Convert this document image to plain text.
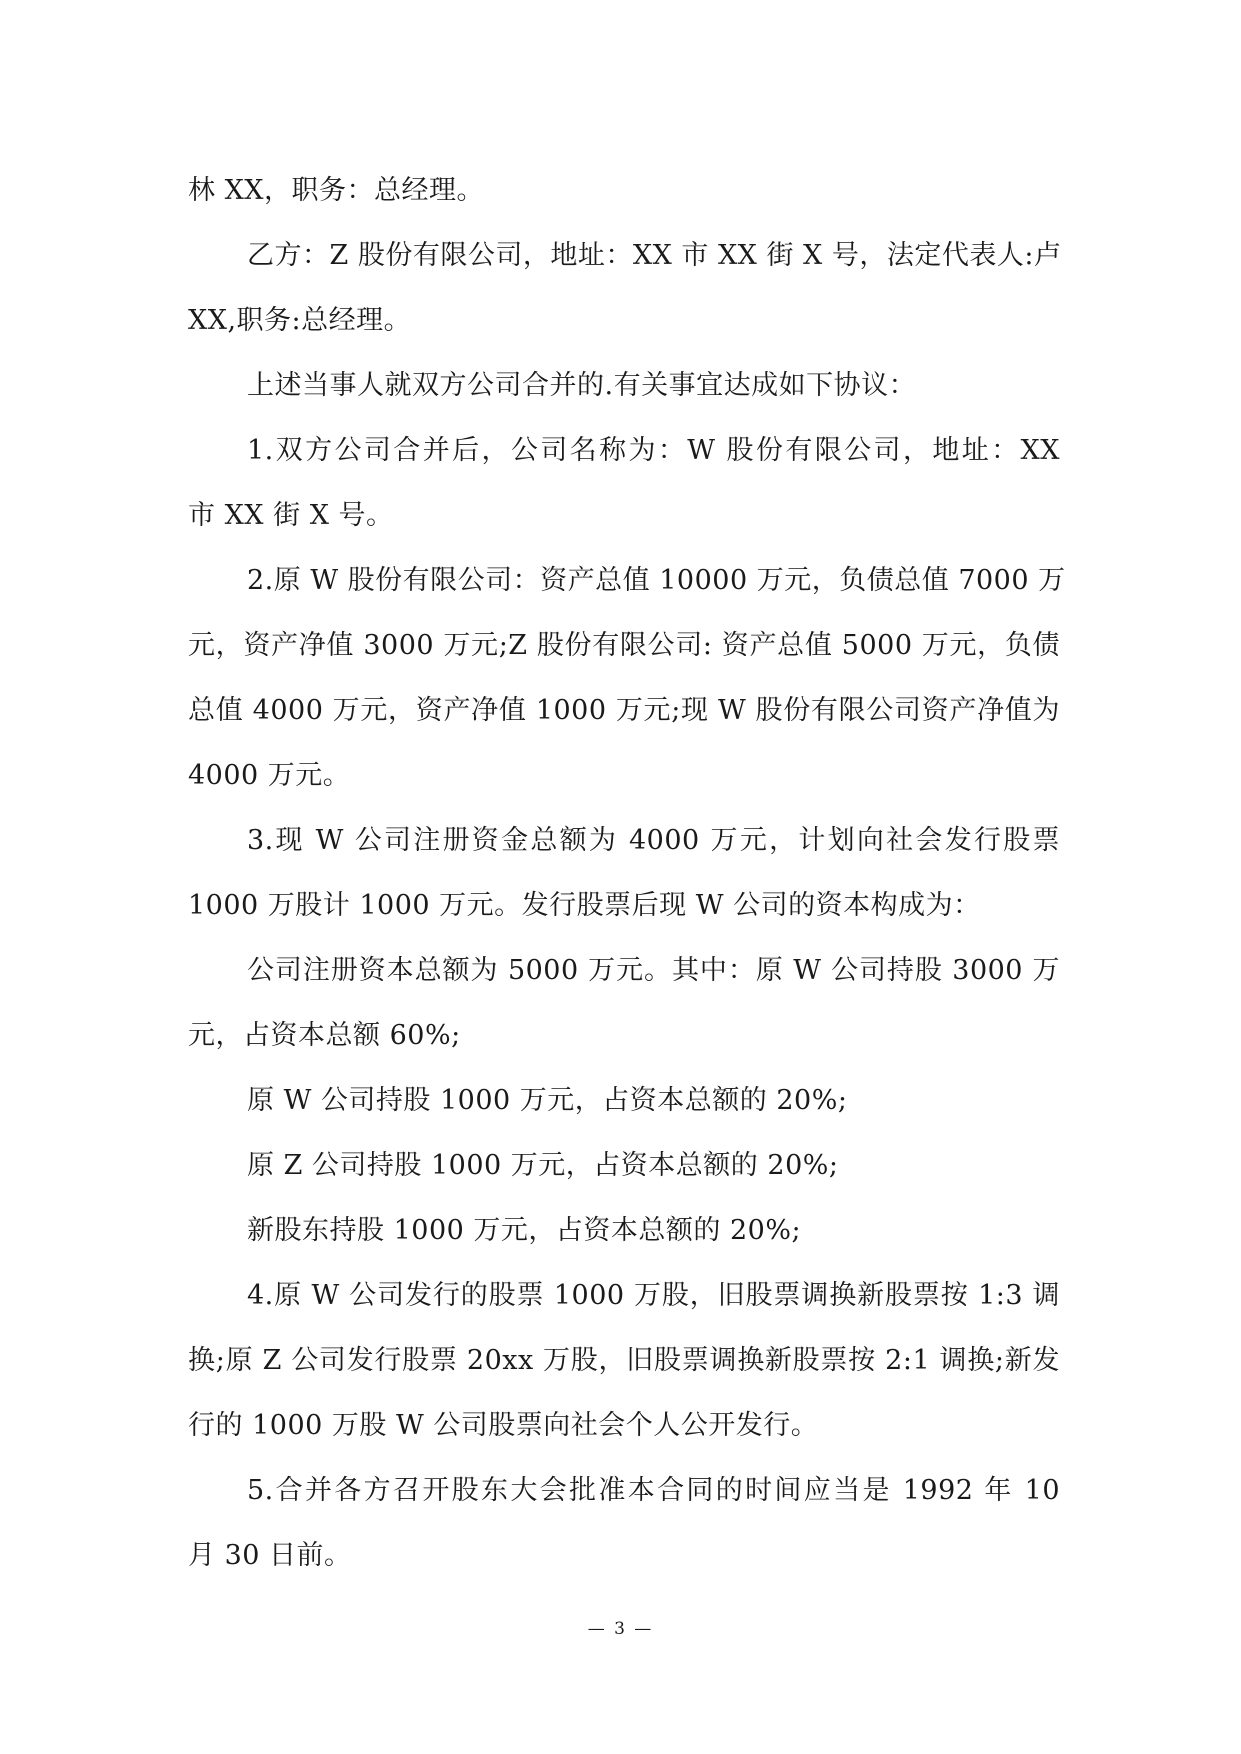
林 XX，职务：总经理。
乙方：Z 股份有限公司，地址：XX 市 XX 街 X 号，法定代表人:卢
XX,职务:总经理。
上述当事人就双方公司合并的.有关事宜达成如下协议：
1.双方公司合并后，公司名称为：W 股份有限公司，地址：XX
市 XX 街 X 号。
2.原 W 股份有限公司：资产总值 10000 万元，负债总值 7000 万
元，资产净值 3000 万元;Z 股份有限公司: 资产总值 5000 万元，负债
总值 4000 万元，资产净值 1000 万元;现 W 股份有限公司资产净值为
4000 万元。
3.现 W 公司注册资金总额为 4000 万元，计划向社会发行股票
1000 万股计 1000 万元。发行股票后现 W 公司的资本构成为：
公司注册资本总额为 5000 万元。其中：原 W 公司持股 3000 万
元，占资本总额 60%;
原 W 公司持股 1000 万元，占资本总额的 20%;
原 Z 公司持股 1000 万元，占资本总额的 20%;
新股东持股 1000 万元，占资本总额的 20%;
4.原 W 公司发行的股票 1000 万股，旧股票调换新股票按 1:3 调
换;原 Z 公司发行股票 20xx 万股，旧股票调换新股票按 2:1 调换;新发
行的 1000 万股 W 公司股票向社会个人公开发行。
5.合并各方召开股东大会批准本合同的时间应当是 1992 年 10
月 30 日前。
— 3 —
